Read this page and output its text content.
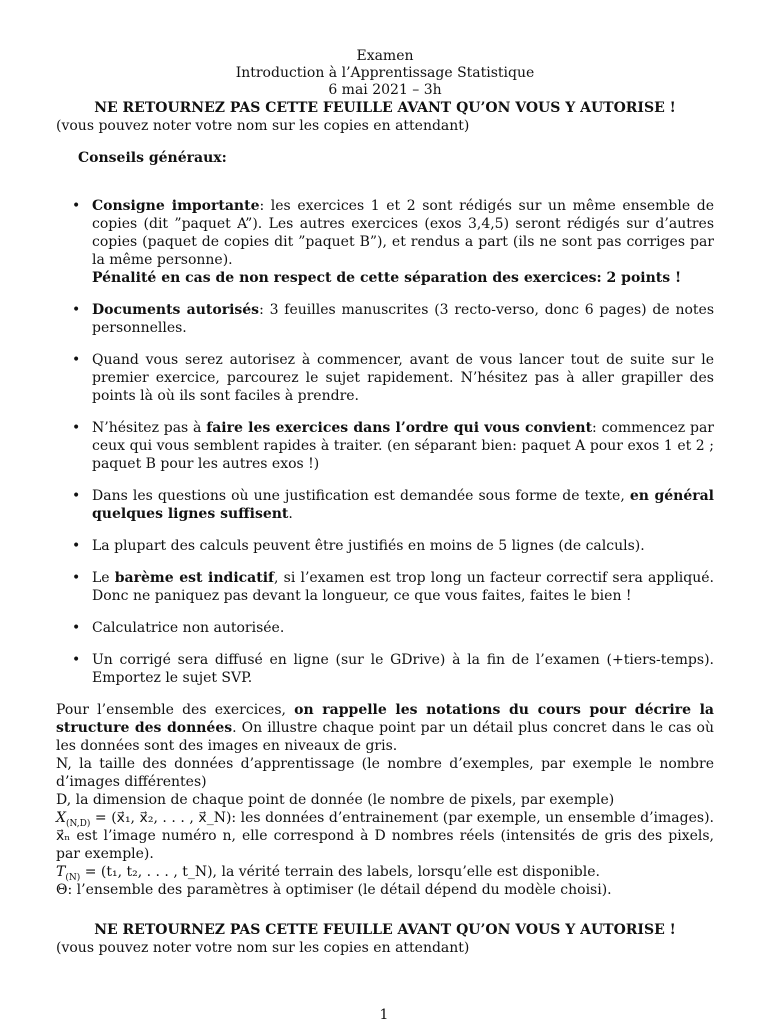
Examen
Introduction à l’Apprentissage Statistique
6 mai 2021 – 3h
NE RETOURNEZ PAS CETTE FEUILLE AVANT QU’ON VOUS Y AUTORISE !
(vous pouvez noter votre nom sur les copies en attendant)
Conseils généraux:
• Consigne importante: les exercices 1 et 2 sont rédigés sur un même ensemble de copies (dit ”paquet A”). Les autres exercices (exos 3,4,5) seront rédigés sur d’autres copies (paquet de copies dit ”paquet B”), et rendus a part (ils ne sont pas corriges par la même personne).
Pénalité en cas de non respect de cette séparation des exercices: 2 points !
• Documents autorisés: 3 feuilles manuscrites (3 recto-verso, donc 6 pages) de notes personnelles.
• Quand vous serez autorisez à commencer, avant de vous lancer tout de suite sur le premier exercice, parcourez le sujet rapidement. N’hésitez pas à aller grapiller des points là où ils sont faciles à prendre.
• N’hésitez pas à faire les exercices dans l’ordre qui vous convient: commencez par ceux qui vous semblent rapides à traiter. (en séparant bien: paquet A pour exos 1 et 2 ; paquet B pour les autres exos !)
• Dans les questions où une justification est demandée sous forme de texte, en général quelques lignes suffisent.
• La plupart des calculs peuvent être justifiés en moins de 5 lignes (de calculs).
• Le barème est indicatif, si l’examen est trop long un facteur correctif sera appliqué. Donc ne paniquez pas devant la longueur, ce que vous faites, faites le bien !
• Calculatrice non autorisée.
• Un corrigé sera diffusé en ligne (sur le GDrive) à la fin de l’examen (+tiers-temps). Emportez le sujet SVP.

Pour l’ensemble des exercices, on rappelle les notations du cours pour décrire la structure des données. On illustre chaque point par un détail plus concret dans le cas où les données sont des images en niveaux de gris.

N, la taille des données d’apprentissage (le nombre d’exemples, par exemple le nombre d’images différentes)

D, la dimension de chaque point de donnée (le nombre de pixels, par exemple)

$X_{(N,D)}$ = (x⃗₁, x⃗₂, . . . , x⃗_N): les données d’entrainement (par exemple, un ensemble d’images). x⃗ₙ est l’image numéro n, elle correspond à D nombres réels (intensités de gris des pixels, par exemple).

$T_{(N)} = (t_1$, t₂, . . . , t_N), la vérité terrain des labels, lorsqu’elle est disponible.

Θ: l’ensemble des paramètres à optimiser (le détail dépend du modèle choisi).

NE RETOURNEZ PAS CETTE FEUILLE AVANT QU’ON VOUS Y AUTORISE !
(vous pouvez noter votre nom sur les copies en attendant)
1
